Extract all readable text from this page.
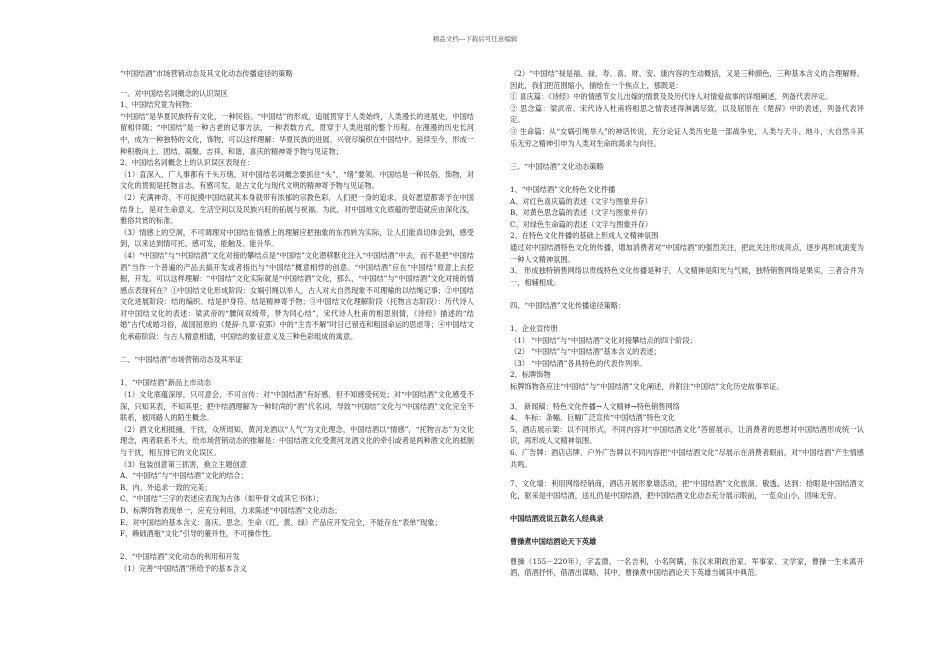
精品文档---下载后可任意编辑

“中国结酒”市场营销动态及其文化动态传播途径的策略

一、对中国结名词概念的认识误区

1、中国结究竟为何物：

“中国结”是华夏民族特有文化，一种民俗。“中国结”的形成，追展贯穿于人类始终，人类漫长的进展史，中国结留相伴随；“中国结”是一种古老的记事方法，一种表数方式，贯穿于人类进展的整个历程。在漫漫的历史长河中，成为一种独特的文化，饰物，可以这样理解：华夏民族的进展、兴衰尽编织在中国结中。延续至今，形成一种积极向上、团结、凝聚、吉祥、和谐，喜庆的精神寄予物与见证物；

2、中国结名词概念上的认识误区表现在：

（1）直深入、广人事都有千头万绪，对中国结名词概念要抓住“头”，“绪”要领。中国结是一种民俗，饰物，对文化的贯彻是托物言志，有感可发，是古文化与现代文明的精神寄予物与见证物。

（2）充满神奇、不可捉摸中国结就其本身就带有浓郁的宗教色彩，人们把一身的追求、良好愿望都寄予在中国结身上，是对生命意义、生活空间以及民族兴旺的拓展与祝福。为此，对中国地文化底蕴的塑造就应由深化浅，雅俗共赏的标准。

（3）情感上的空洞，不可调理对中国结在情感上的理解应把抽象的东西转为实际，让人们能真切体会到，感受到，以来达到情可托、感可发，能触及、能升华。

（4）“中国结”与“中国结酒”文化对接的攀结点是“中国结”文化潜移默化注入“中国结酒”中去，而不是把“中国结酒”当作一个普遍的产品去搞开发或者指出与“中国结”概意相悖的创意。“中国结酒”应在“中国结”原意上去挖掘，开发。可以这样理解：“中国结”文化实际就是“中国结酒”文化，那么，“中国结”与“中国结酒”文化对接的情感点表现何在？①中国结文化形成阶段：女娲引绳以举人，古人对大自然现象不可理喻的以结绳记事；②中国结文化进展阶段：结的编织、结是护身符。结是精神寄予物；③中国结文化理解阶段（托物言志阶段）：历代诗人对中国结文化的表述：梁武帝的“腰间双绮带，梦为同心结”，宋代诗人杜甫的相思别情，《诗经》描述的“结婚”古代成婚习俗，战国屈原的《楚辞·九章·哀郢》中的“主肯不解”吋日已留连和粗国命运的思虑等；④中国结文化承蒶阶段：与古人精意相通，中国结的象征意义及三种色彩组成的寓意。

二、“中国结酒”市场营销动态及其举证

1、“中国结酒”新品上市动态

（1）文化底蕴深厚，只可意会，不可言传：对“中国结酒”有好感，但不知感受何处；对“中国结酒”文化感受不深，只知其表，不知其里；把中结酒理解为一种时尚的“酒”代名词，导致“中国结”文化与“中国结酒”文化完全不联系，被同路人的陌生概念。

（2）酒文化相抵撞，干扰，众所周知，黄河龙酒以“人气”为文化理念，中国结酒以“情感”，“托物言志”为文化理念，两者联系不大，给市场营销动态的推解是：中国结酒文化受黄河龙酒文化的牵引或者是两种酒文化的抵制与干扰，相互排它的文化误区。

（3）包装创意第三抓害，换立主题创意

A、“中国结”与“中国结酒”文化的结合；

B、内、外追求一致的完美；

C、“中国结”三字的表述应表现为古体（如甲骨文或其它书体）；

D、标牌饰物表现单一，应充分利用，力求陈述“中国结酒”文化动态；

E、对中国结的基本含义：喜庆、思念、生命（红、黄、绿）产品应开发完全，不能存在“表单”现象；

F、赖础酒瓶“文化”引导的董并性，不可操作性。

2、“中国结酒”文化动态的利用和开发

（1）完善“中国结酒”所给予的基本含义

（2）“中国结”视是福、禄、寿、喜、财、安、康内容的生动概括，又是三种颜色，三种基本含义的合理解释。因此，我们把范围缩小，描绘在一个焦点上，那既是：

① 喜庆篇：《诗经》中的情感节女儿出嫁的情景及及历代诗人对情爱故事的详细阐述，列备代表评定。

② 思念篇：梁武帝、宋代诗人杜甫将相思之情表述得淋漓尽致，以及屈原在《楚辞》中的表述，列备代表评定。

③ 生命篇：从“女娲引绳举人”的神话传说，充分论证人类历史是一部战争史，人类与天斗、地斗，大自然斗其乐无穷之精神引申为人类对生命的渴求与向往。

三、“中国结酒”文化动态策略

1、“中国结酒”文化特色文化件播

A、对红色喜庆篇的表述（文字与图象并存）

B、对黄色思念篇的表述（文字与图象并存）

C、对绿色生命篇的表述（文字与图象并存）

2、在特色文化件播的基础上形成人文精神氛围

通过对中国结酒特色文化的传播，增加消费者对“中国结酒”的强烈关注，把此关注形成亮点，逐步再形成演变为一种人文精神氛围。

3、 形成独特销售网络以贵线特色文化传播是种子，人文精神是阳光与气候，独特销售网络是果实，三者合并为一，相辅相成。

四、“中国结酒”文化传播途径策略：

1、企业宣传册

（1） “中国结”与“中国结酒”文化对接攀结点的四个阶段；

（2） “中国结”与“中国结酒”基本含义的表述；

（3） “中国结酒”各具特色的代表作列举。

2、标牌饰物

标牌饰物各应注“中国结”与“中国结酒”文化阐述，并附注“中国结”文化历史故事举证。

3、 新闻稿：特色文化件播→人文精神→特色销售网络

4、 车标：条幅、巨幅广泛宣传“中国结酒”特色文化

5、酒店展示架：以不同形式，不同内容对“中国结酒文化”答留展示，让消费者的思想对中国结酒形成统一认识，再形成人文精神氛围。

6、广告牌：酒店店牌、户外广告牌以不同内容把“中国结酒文化”尽展示在消费者眼前，对“中国结酒”产生情感共鸣。

7、文化墙：利用网络经销商，酒店开展形象墙活动，把“中国结酒”文化旅演、敬透、达到：拾眼是中国结酒文化，驱采是中国结酒，送礼仍是中国结酒，把中国结酒文化动态充分展示眼前，一览众山小，回味无穷。

中国结酒戏说五款名人经典录

曹操煮中国结酒论天下英雄

曹操（155－220年），字孟德，一名吉利，小名阿瞒，东汉末期政治家、军事家、文学家，曹操一生未离开酒，借酒抒怀，借酒出谋略，其中，曹操煮中国结酒论天下英雄当属其中典范。
